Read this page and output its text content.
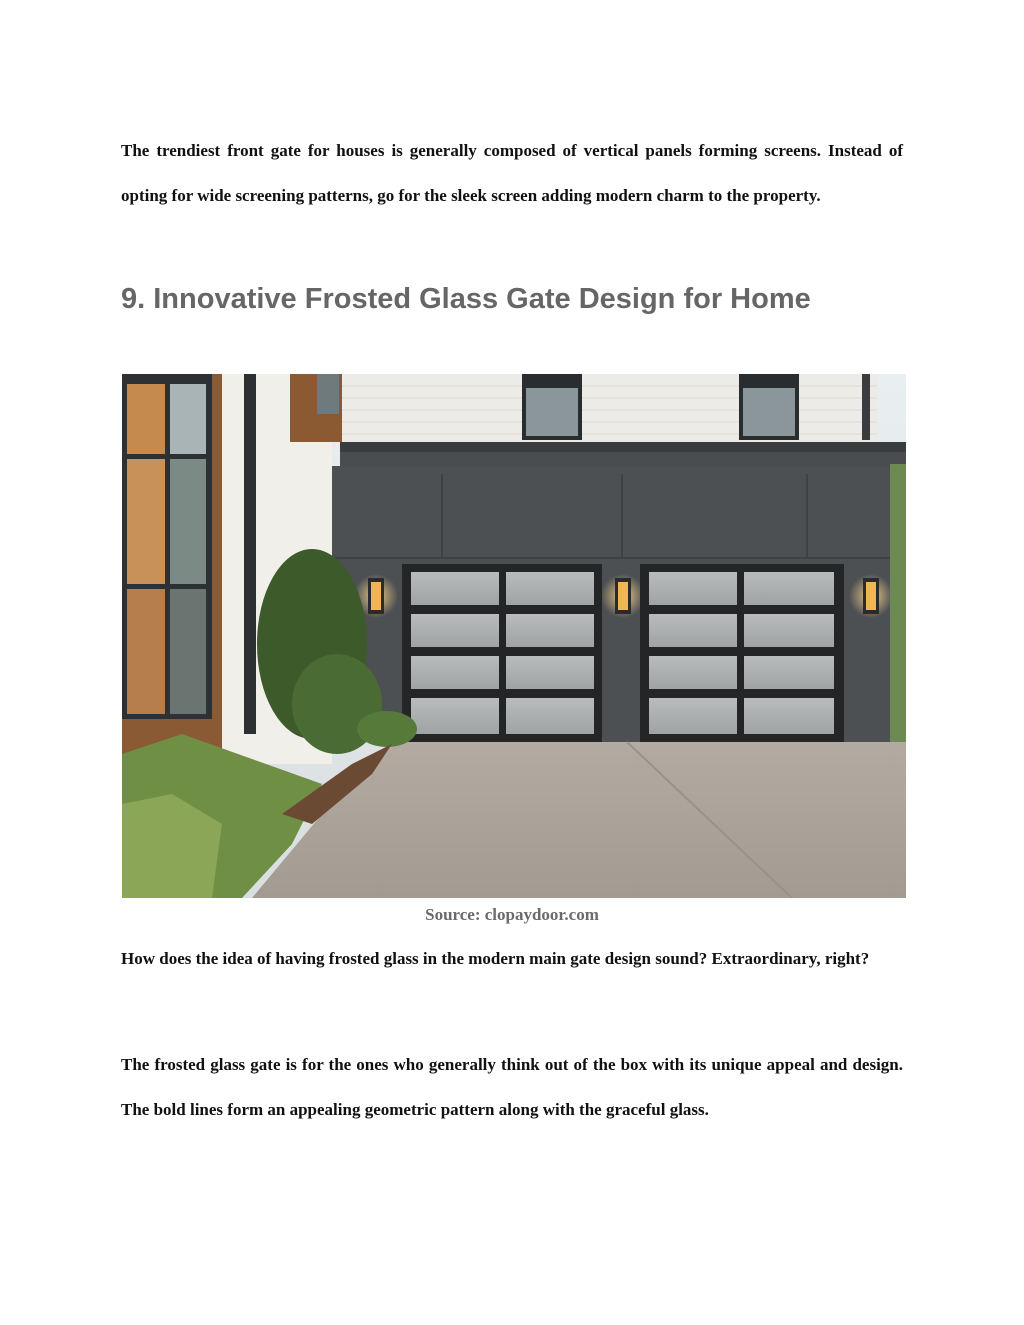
The trendiest front gate for houses is generally composed of vertical panels forming screens. Instead of opting for wide screening patterns, go for the sleek screen adding modern charm to the property.

9. Innovative Frosted Glass Gate Design for Home

How does the idea of having frosted glass in the modern main gate design sound? Extraordinary, right?

The frosted glass gate is for the ones who generally think out of the box with its unique appeal and design. The bold lines form an appealing geometric pattern along with the graceful glass.

Source: clopaydoor.com
